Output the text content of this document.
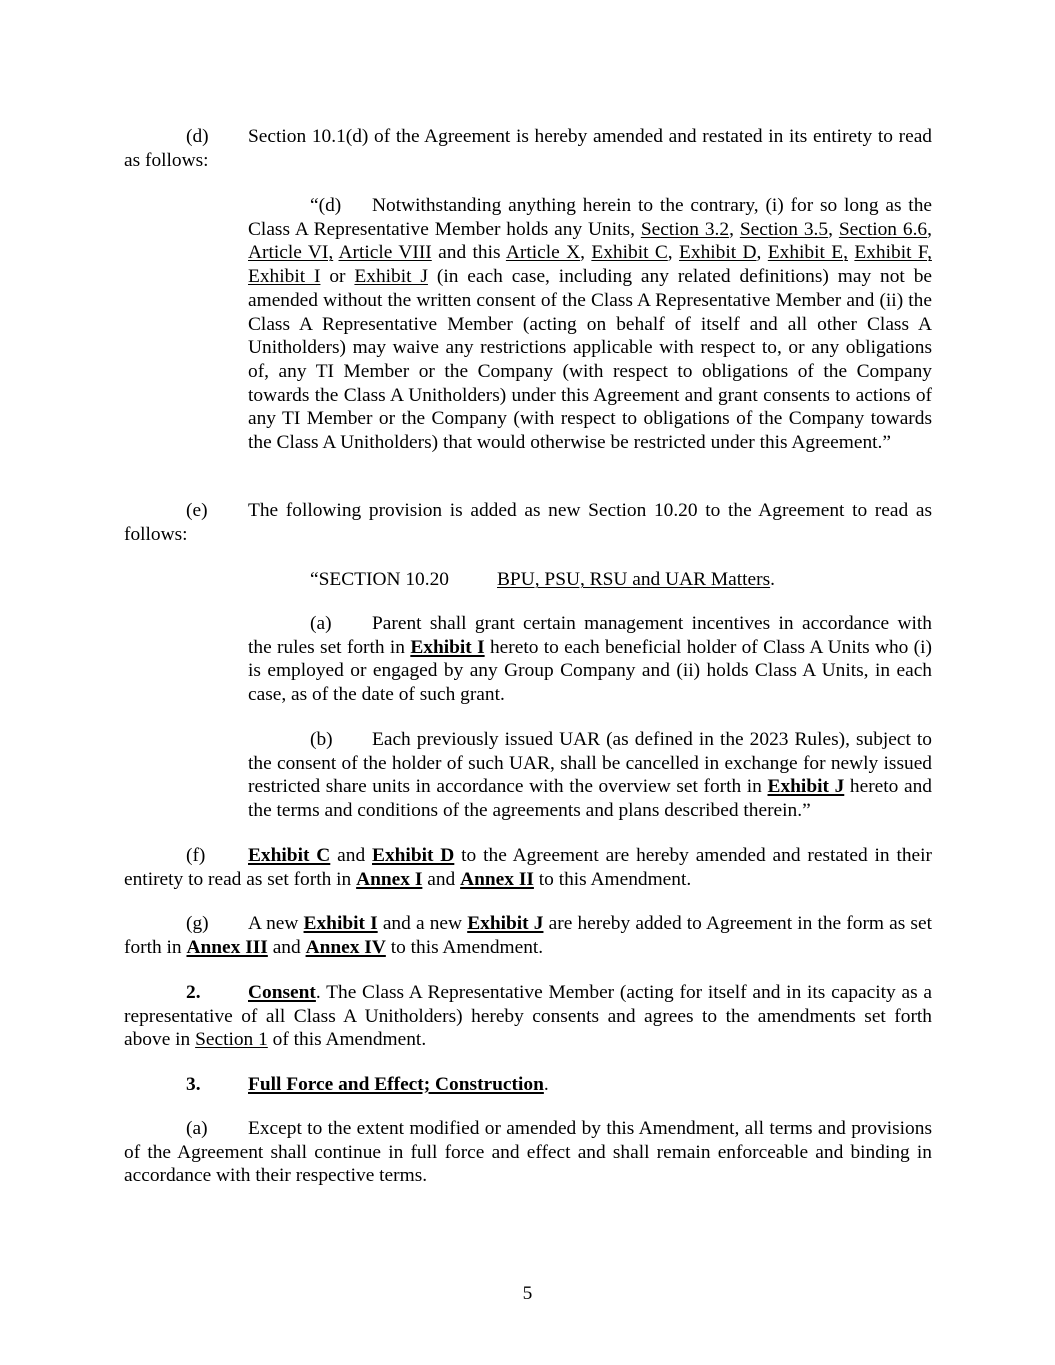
(d) Section 10.1(d) of the Agreement is hereby amended and restated in its entirety to read as follows:

“(d) Notwithstanding anything herein to the contrary, (i) for so long as the Class A Representative Member holds any Units, Section 3.2, Section 3.5, Section 6.6, Article VI, Article VIII and this Article X, Exhibit C, Exhibit D, Exhibit E, Exhibit F, Exhibit I or Exhibit J (in each case, including any related definitions) may not be amended without the written consent of the Class A Representative Member and (ii) the Class A Representative Member (acting on behalf of itself and all other Class A Unitholders) may waive any restrictions applicable with respect to, or any obligations of, any TI Member or the Company (with respect to obligations of the Company towards the Class A Unitholders) under this Agreement and grant consents to actions of any TI Member or the Company (with respect to obligations of the Company towards the Class A Unitholders) that would otherwise be restricted under this Agreement.”

(e) The following provision is added as new Section 10.20 to the Agreement to read as follows:

“SECTION 10.20 BPU, PSU, RSU and UAR Matters.

(a) Parent shall grant certain management incentives in accordance with the rules set forth in Exhibit I hereto to each beneficial holder of Class A Units who (i) is employed or engaged by any Group Company and (ii) holds Class A Units, in each case, as of the date of such grant.

(b) Each previously issued UAR (as defined in the 2023 Rules), subject to the consent of the holder of such UAR, shall be cancelled in exchange for newly issued restricted share units in accordance with the overview set forth in Exhibit J hereto and the terms and conditions of the agreements and plans described therein.”

(f) Exhibit C and Exhibit D to the Agreement are hereby amended and restated in their entirety to read as set forth in Annex I and Annex II to this Amendment.

(g) A new Exhibit I and a new Exhibit J are hereby added to Agreement in the form as set forth in Annex III and Annex IV to this Amendment.

2. Consent. The Class A Representative Member (acting for itself and in its capacity as a representative of all Class A Unitholders) hereby consents and agrees to the amendments set forth above in Section 1 of this Amendment.

3. Full Force and Effect; Construction.

(a) Except to the extent modified or amended by this Amendment, all terms and provisions of the Agreement shall continue in full force and effect and shall remain enforceable and binding in accordance with their respective terms.

5
